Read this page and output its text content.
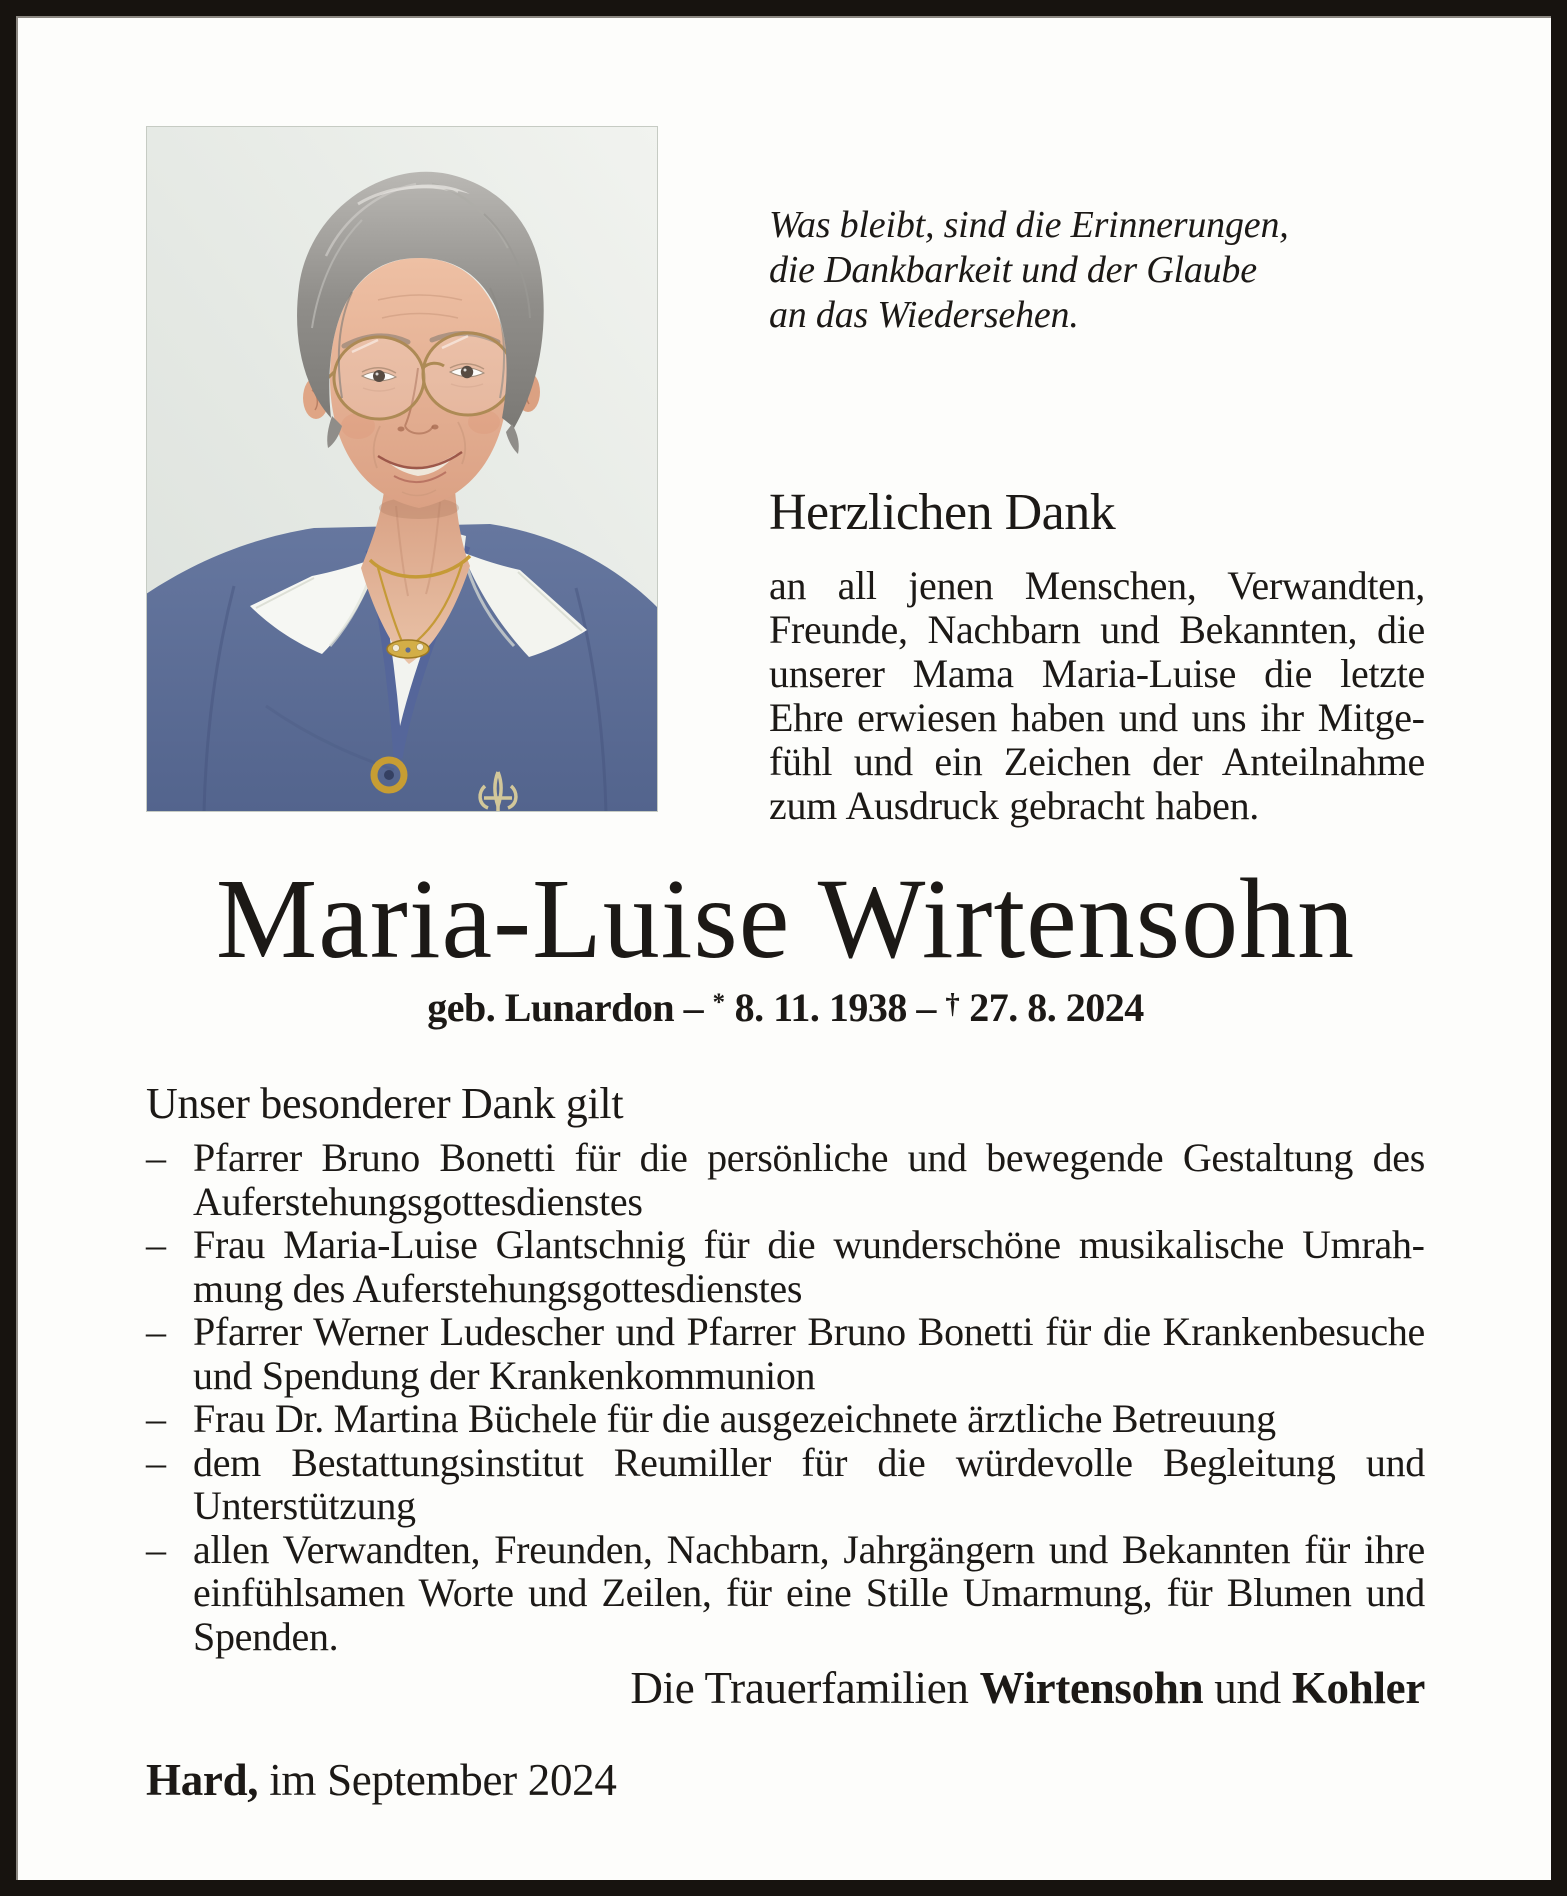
Was bleibt, sind die Erinnerungen,
die Dankbarkeit und der Glaube
an das Wiedersehen.
Herzlichen Dank

an all jenen Menschen, Verwandten, Freunde, Nachbarn und Bekannten, die unserer Mama Maria-Luise die letzte Ehre erwiesen haben und uns ihr Mitgefühl und ein Zeichen der Anteilnahme zum Ausdruck gebracht haben.

Maria-Luise Wirtensohn
geb. Lunardon – * 8. 11. 1938 – † 27. 8. 2024
Unser besonderer Dank gilt
– Pfarrer Bruno Bonetti für die persönliche und bewegende Gestaltung des Auferstehungsgottesdienstes
– Frau Maria-Luise Glantschnig für die wunderschöne musikalische Umrahmung des Auferstehungsgottesdienstes
– Pfarrer Werner Ludescher und Pfarrer Bruno Bonetti für die Krankenbesuche und Spendung der Krankenkommunion
– Frau Dr. Martina Büchele für die ausgezeichnete ärztliche Betreuung
– dem Bestattungsinstitut Reumiller für die würdevolle Begleitung und Unterstützung
– allen Verwandten, Freunden, Nachbarn, Jahrgängern und Bekannten für ihre einfühlsamen Worte und Zeilen, für eine Stille Umarmung, für Blumen und Spenden.
Die Trauerfamilien Wirtensohn und Kohler
Hard, im September 2024
